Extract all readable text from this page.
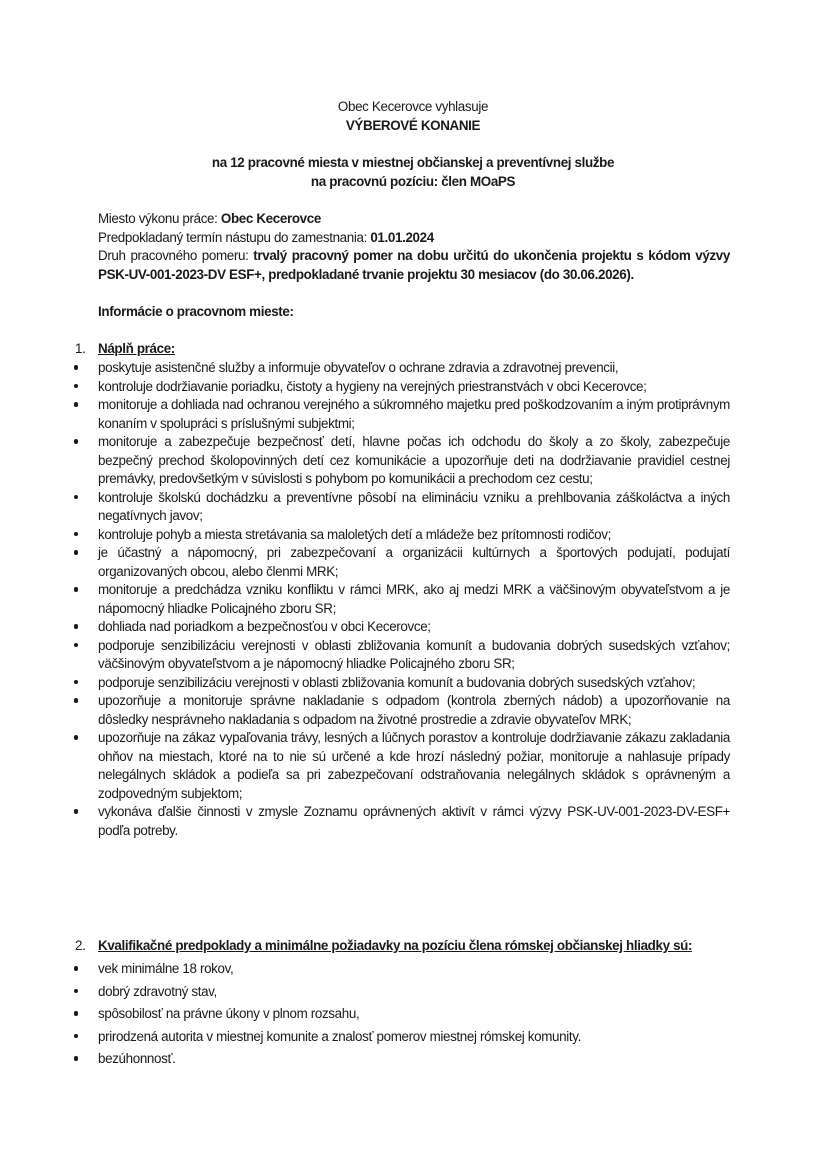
Obec Kecerovce vyhlasuje
VÝBEROVÉ KONANIE
na 12 pracovné miesta v miestnej občianskej a preventívnej službe
na pracovnú pozíciu: člen MOaPS
Miesto výkonu práce: Obec Kecerovce
Predpokladaný termín nástupu do zamestnania: 01.01.2024
Druh pracovného pomeru: trvalý pracovný pomer na dobu určitú do ukončenia projektu s kódom výzvy PSK-UV-001-2023-DV ESF+, predpokladané trvanie projektu 30 mesiacov (do 30.06.2026).
Informácie o pracovnom mieste:
1. Náplň práce:
poskytuje asistenčné služby a informuje obyvateľov o ochrane zdravia a zdravotnej prevencii,
kontroluje dodržiavanie poriadku, čistoty a hygieny na verejných priestranstvách v obci Kecerovce;
monitoruje a dohliada nad ochranou verejného a súkromného majetku pred poškodzovaním a iným protiprávnym konaním v spolupráci s príslušnými subjektmi;
monitoruje a zabezpečuje bezpečnosť detí, hlavne počas ich odchodu do školy a zo školy, zabezpečuje bezpečný prechod školopovinných detí cez komunikácie a upozorňuje deti na dodržiavanie pravidiel cestnej premávky, predovšetkým v súvislosti s pohybom po komunikácii a prechodom cez cestu;
kontroluje školskú dochádzku a preventívne pôsobí na elimináciu vzniku a prehlbovania záškoláctva a iných negatívnych javov;
kontroluje pohyb a miesta stretávania sa maloletých detí a mládeže bez prítomnosti rodičov;
je účastný a nápomocný, pri zabezpečovaní a organizácii kultúrnych a športových podujatí, podujatí organizovaných obcou, alebo členmi MRK;
monitoruje a predchádza vzniku konfliktu v rámci MRK, ako aj medzi MRK a väčšinovým obyvateľstvom a je nápomocný hliadke Policajného zboru SR;
dohliada nad poriadkom a bezpečnosťou v obci Kecerovce;
podporuje senzibilizáciu verejnosti v oblasti zbližovania komunít a budovania dobrých susedských vzťahov; väčšinovým obyvateľstvom a je nápomocný hliadke Policajného zboru SR;
podporuje senzibilizáciu verejnosti v oblasti zbližovania komunít a budovania dobrých susedských vzťahov;
upozorňuje a monitoruje správne nakladanie s odpadom (kontrola zberných nádob) a upozorňovanie na dôsledky nesprávneho nakladania s odpadom na životné prostredie a zdravie obyvateľov MRK;
upozorňuje na zákaz vypaľovania trávy, lesných a lúčnych porastov a kontroluje dodržiavanie zákazu zakladania ohňov na miestach, ktoré na to nie sú určené a kde hrozí následný požiar, monitoruje a nahlasuje prípady nelegálnych skládok a podieľa sa pri zabezpečovaní odstraňovania nelegálnych skládok s oprávneným a zodpovedným subjektom;
vykonáva ďalšie činnosti v zmysle Zoznamu oprávnených aktivít v rámci výzvy PSK-UV-001-2023-DV-ESF+ podľa potreby.
2. Kvalifikačné predpoklady a minimálne požiadavky na pozíciu člena rómskej občianskej hliadky sú:
vek minimálne 18 rokov,
dobrý zdravotný stav,
spôsobilosť na právne úkony v plnom rozsahu,
prirodzená autorita v miestnej komunite a znalosť pomerov miestnej rómskej komunity.
bezúhonnosť.
